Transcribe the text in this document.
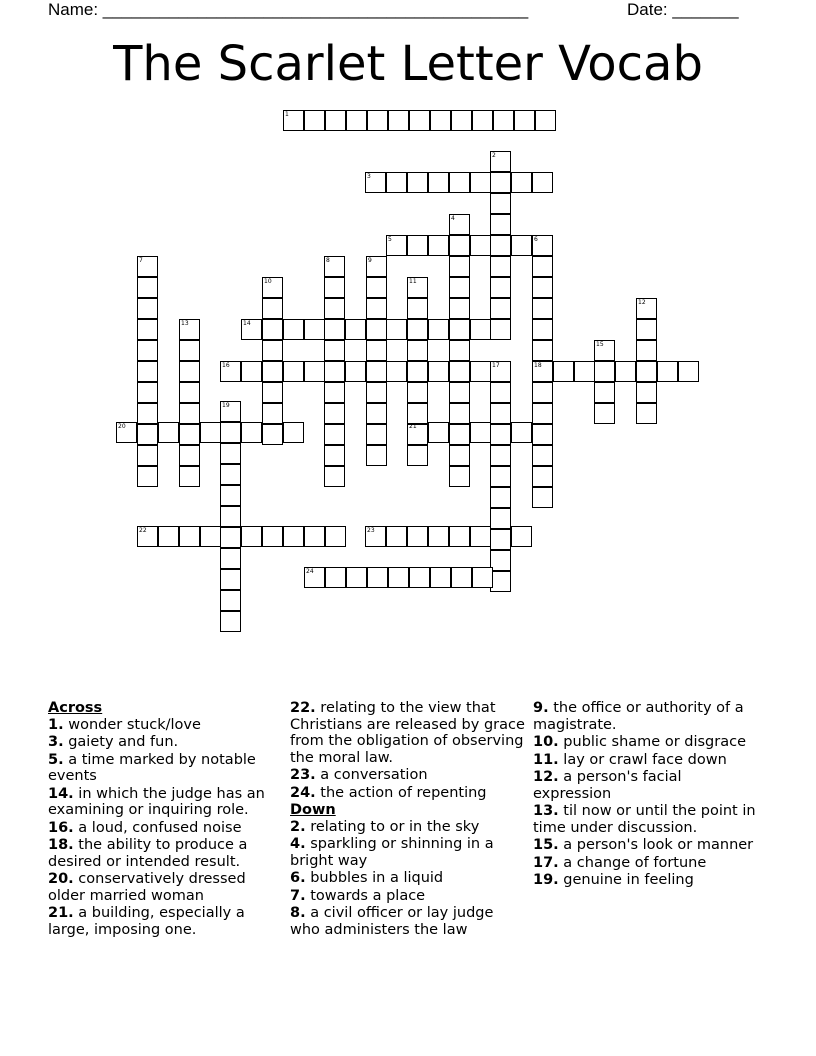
Name: _____________________________________________	Date: _______
The Scarlet Letter Vocab
1
2
3
4
5	6
7	8	9
10	11
12
13	14
15
16	17	18
19
20	21
22	23
24
Across
1. wonder stuck/love
3. gaiety and fun.
5. a time marked by notable events
14. in which the judge has an examining or inquiring role.
16. a loud, confused noise
18. the ability to produce a desired or intended result.
20. conservatively dressed older married woman
21. a building, especially a large, imposing one.
22. relating to the view that Christians are released by grace from the obligation of observing the moral law.
23. a conversation
24. the action of repenting
Down
2. relating to or in the sky
4. sparkling or shinning in a bright way
6. bubbles in a liquid
7. towards a place
8. a civil officer or lay judge who administers the law
9. the office or authority of a magistrate.
10. public shame or disgrace
11. lay or crawl face down
12. a person's facial expression
13. til now or until the point in time under discussion.
15. a person's look or manner
17. a change of fortune
19. genuine in feeling
